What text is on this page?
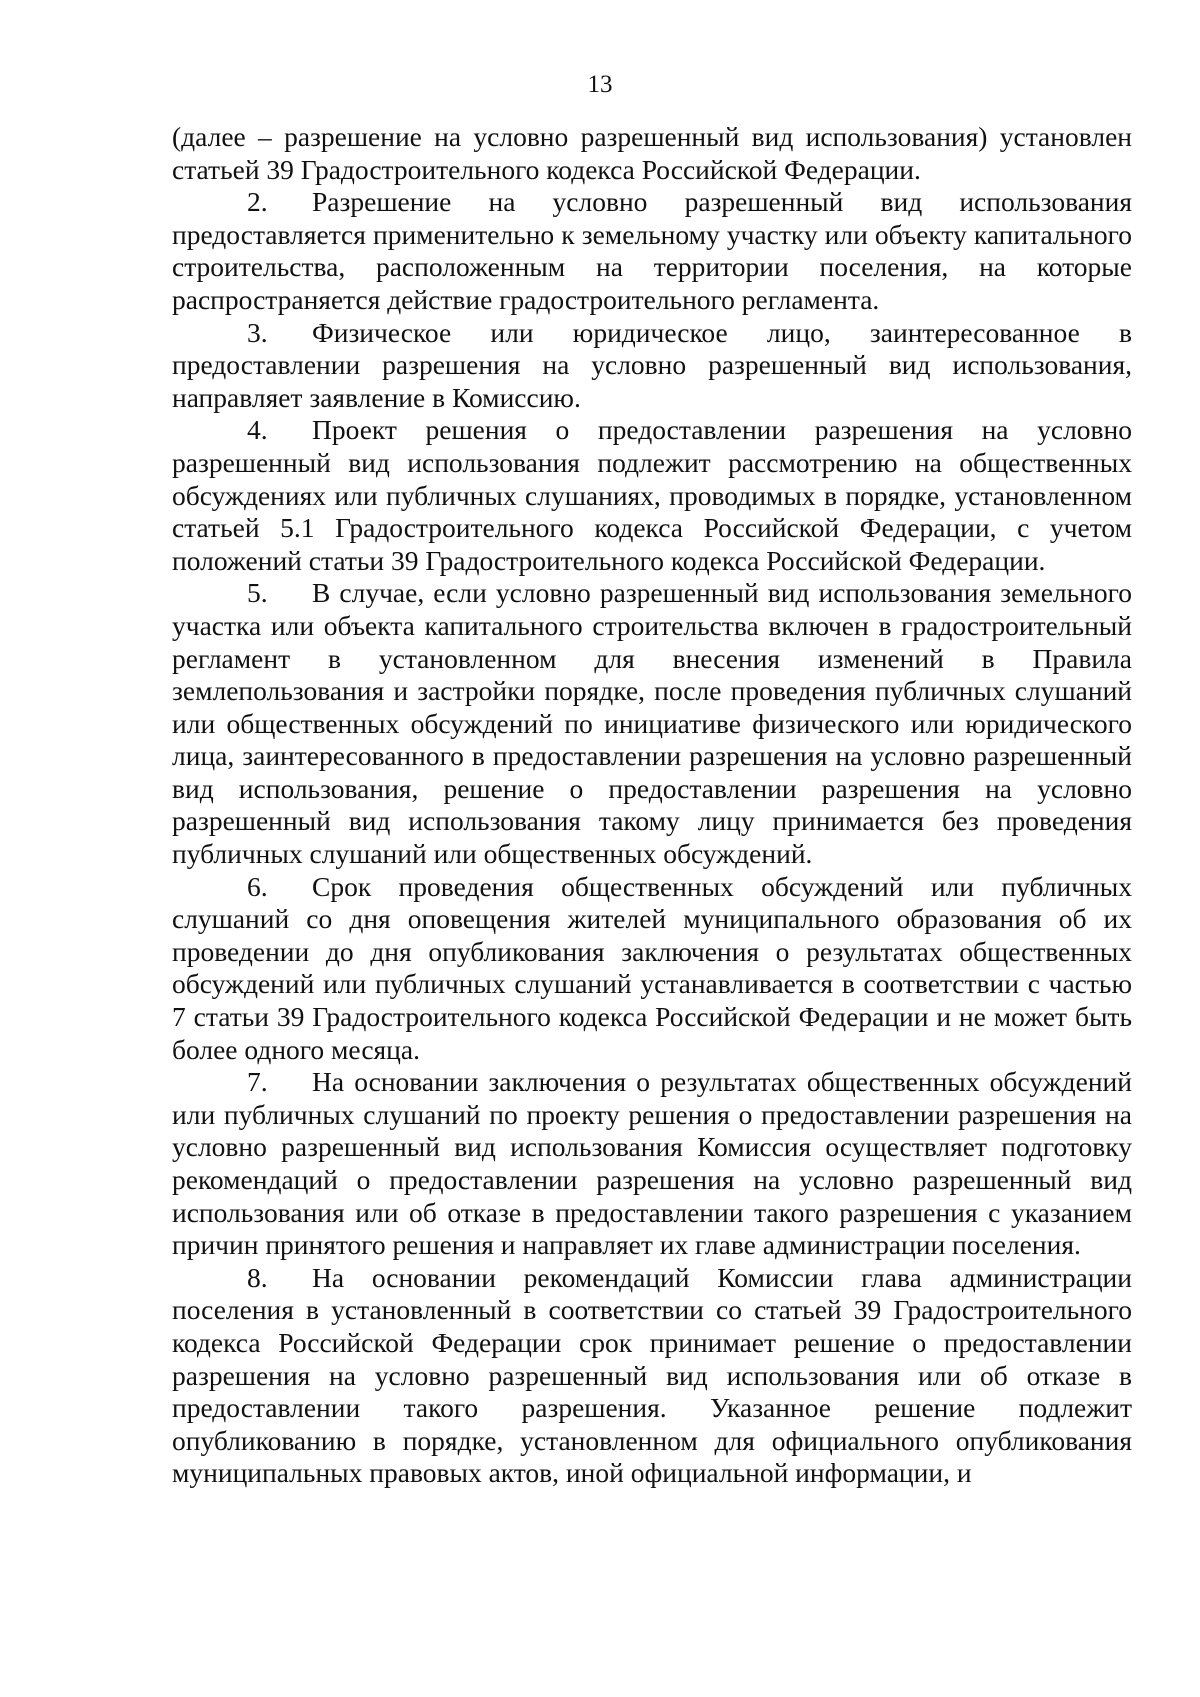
13

(далее – разрешение на условно разрешенный вид использования) установлен статьей 39 Градостроительного кодекса Российской Федерации.

2. Разрешение на условно разрешенный вид использования предоставляется применительно к земельному участку или объекту капитального строительства, расположенным на территории поселения, на которые распространяется действие градостроительного регламента.

3. Физическое или юридическое лицо, заинтересованное в предоставлении разрешения на условно разрешенный вид использования, направляет заявление в Комиссию.

4. Проект решения о предоставлении разрешения на условно разрешенный вид использования подлежит рассмотрению на общественных обсуждениях или публичных слушаниях, проводимых в порядке, установленном статьей 5.1 Градостроительного кодекса Российской Федерации, с учетом положений статьи 39 Градостроительного кодекса Российской Федерации.

5. В случае, если условно разрешенный вид использования земельного участка или объекта капитального строительства включен в градостроительный регламент в установленном для внесения изменений в Правила землепользования и застройки порядке, после проведения публичных слушаний или общественных обсуждений по инициативе физического или юридического лица, заинтересованного в предоставлении разрешения на условно разрешенный вид использования, решение о предоставлении разрешения на условно разрешенный вид использования такому лицу принимается без проведения публичных слушаний или общественных обсуждений.

6. Срок проведения общественных обсуждений или публичных слушаний со дня оповещения жителей муниципального образования об их проведении до дня опубликования заключения о результатах общественных обсуждений или публичных слушаний устанавливается в соответствии с частью 7 статьи 39 Градостроительного кодекса Российской Федерации и не может быть более одного месяца.

7. На основании заключения о результатах общественных обсуждений или публичных слушаний по проекту решения о предоставлении разрешения на условно разрешенный вид использования Комиссия осуществляет подготовку рекомендаций о предоставлении разрешения на условно разрешенный вид использования или об отказе в предоставлении такого разрешения с указанием причин принятого решения и направляет их главе администрации поселения.

8. На основании рекомендаций Комиссии глава администрации поселения в установленный в соответствии со статьей 39 Градостроительного кодекса Российской Федерации срок принимает решение о предоставлении разрешения на условно разрешенный вид использования или об отказе в предоставлении такого разрешения. Указанное решение подлежит опубликованию в порядке, установленном для официального опубликования муниципальных правовых актов, иной официальной информации, и
